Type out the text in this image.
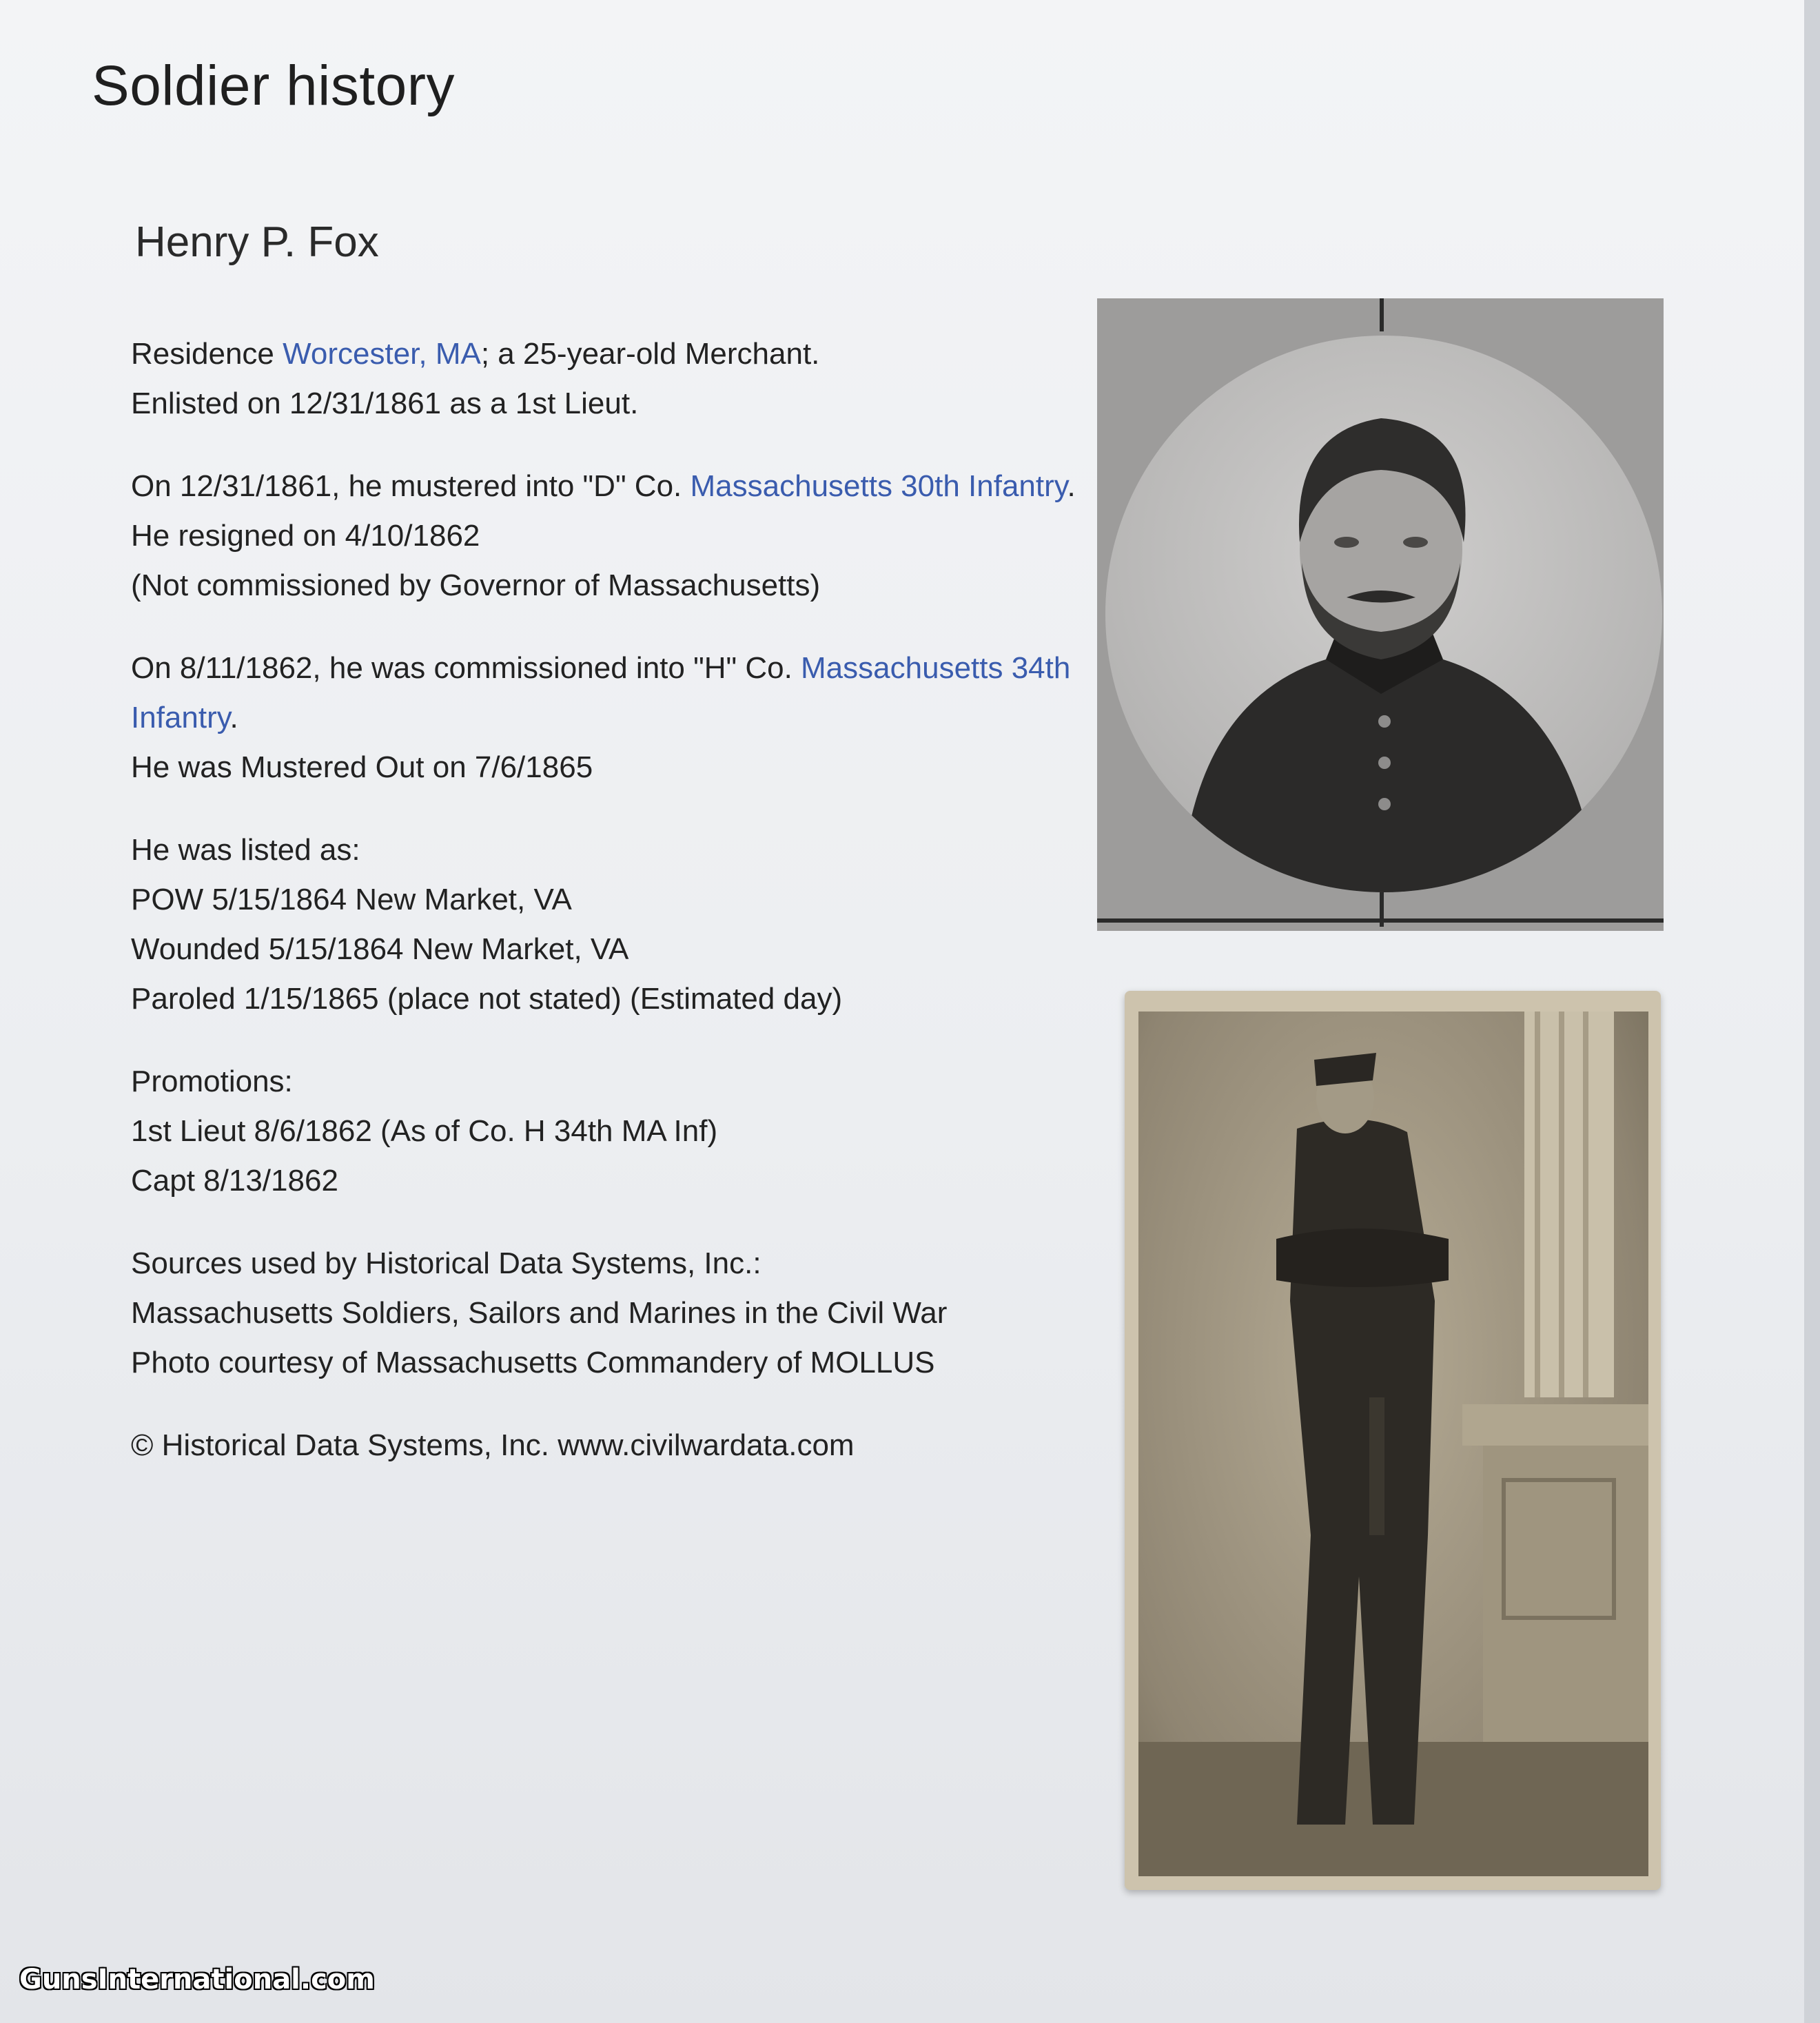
Soldier history
Henry P. Fox

Residence Worcester, MA; a 25-year-old Merchant.
Enlisted on 12/31/1861 as a 1st Lieut.

On 12/31/1861, he mustered into "D" Co. Massachusetts 30th Infantry.
He resigned on 4/10/1862
(Not commissioned by Governor of Massachusetts)

On 8/11/1862, he was commissioned into "H" Co. Massachusetts 34th Infantry.
He was Mustered Out on 7/6/1865

He was listed as:
POW 5/15/1864 New Market, VA
Wounded 5/15/1864 New Market, VA
Paroled 1/15/1865 (place not stated) (Estimated day)

Promotions:
1st Lieut 8/6/1862 (As of Co. H 34th MA Inf)
Capt 8/13/1862

Sources used by Historical Data Systems, Inc.:
Massachusetts Soldiers, Sailors and Marines in the Civil War
Photo courtesy of Massachusetts Commandery of MOLLUS

© Historical Data Systems, Inc. www.civilwardata.com

GunsInternational.com
